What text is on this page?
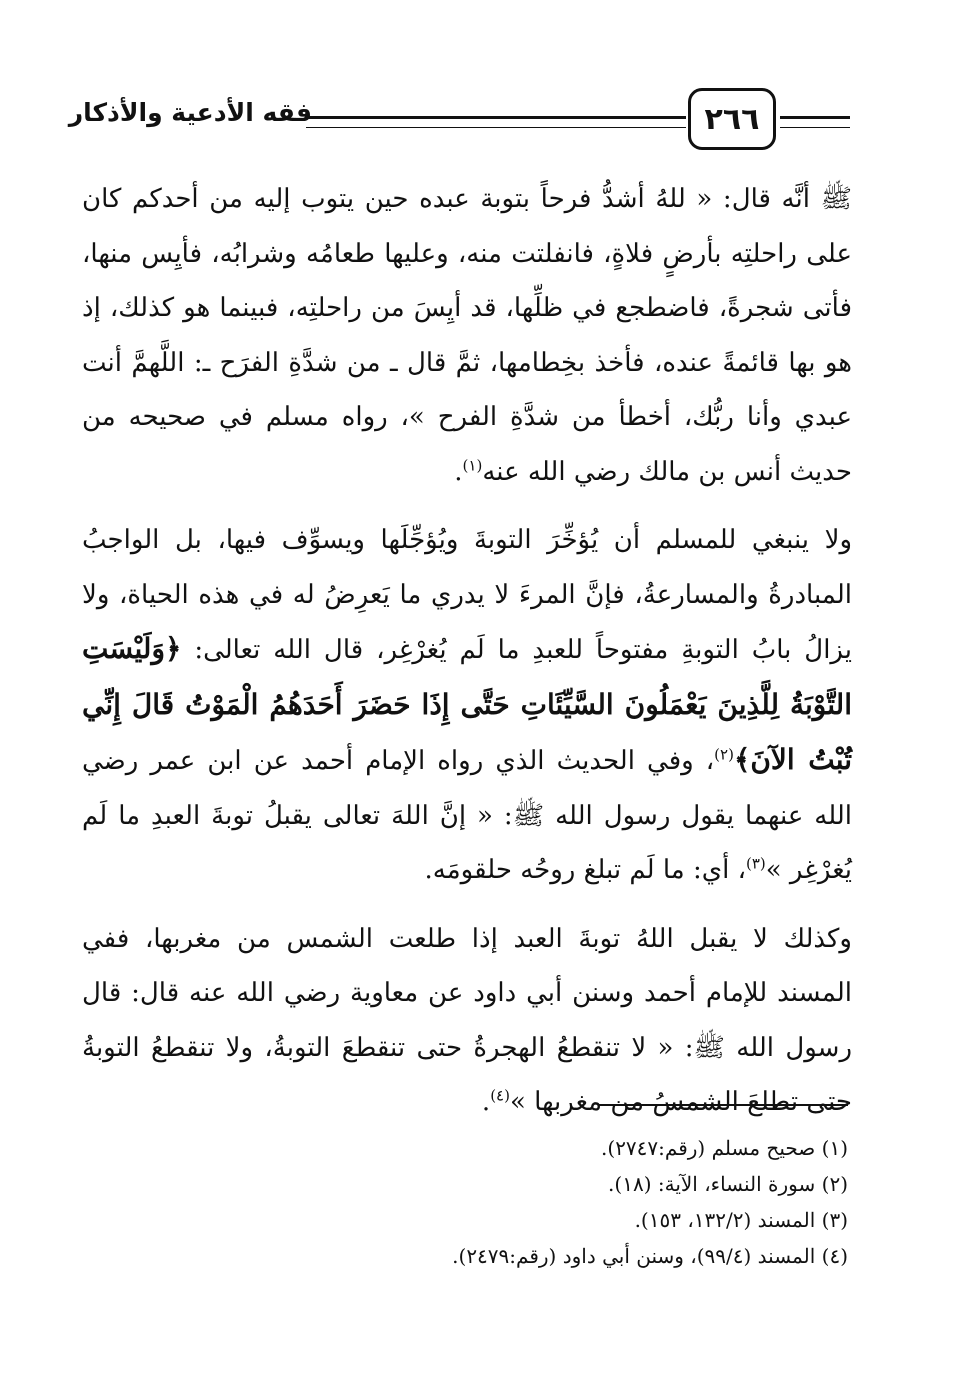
فقه الأدعية والأذكار	٢٦٦

ﷺ أنَّه قال: « للهُ أشدُّ فرحاً بتوبة عبده حين يتوب إليه من أحدكم كان على راحلتِه بأرضٍ فلاةٍ، فانفلتت منه، وعليها طعامُه وشرابُه، فأيِس منها، فأتى شجرةً، فاضطجع في ظلِّها، قد أيِسَ من راحلتِه، فبينما هو كذلك، إذ هو بها قائمةً عنده، فأخذ بخِطامها، ثمَّ قال ـ من شدَّةِ الفرَح ـ: اللَّهمَّ أنت عبدي وأنا ربُّك، أخطأ من شدَّةِ الفرح »، رواه مسلم في صحيحه من حديث أنس بن مالك رضي الله عنه$^{(١)}$.

ولا ينبغي للمسلم أن يُؤخِّرَ التوبةَ ويُؤجِّلَها ويسوِّف فيها، بل الواجبُ المبادرةُ والمسارعةُ، فإنَّ المرءَ لا يدري ما يَعرِضُ له في هذه الحياة، ولا يزالُ بابُ التوبةِ مفتوحاً للعبدِ ما لَم يُغرْغِر، قال الله تعالى: ﴿وَلَيْسَتِ التَّوْبَةُ لِلَّذِينَ يَعْمَلُونَ السَّيِّئَاتِ حَتَّى إِذَا حَضَرَ أَحَدَهُمُ الْمَوْتُ قَالَ إِنِّي تُبْتُ الآنَ﴾$^{(٢)}$، وفي الحديث الذي رواه الإمام أحمد عن ابن عمر رضي الله عنهما يقول رسول الله ﷺ: « إنَّ اللهَ تعالى يقبلُ توبةَ العبدِ ما لَم يُغرْغِر »$^{(٣)}$، أي: ما لَم تبلغ روحُه حلقومَه.

وكذلك لا يقبل اللهُ توبةَ العبد إذا طلعت الشمس من مغربها، ففي المسند للإمام أحمد وسنن أبي داود عن معاوية رضي الله عنه قال: قال رسول الله ﷺ: « لا تنقطعُ الهجرةُ حتى تنقطعَ التوبةُ، ولا تنقطعُ التوبةُ حتى تطلعَ الشمسُ من مغربها »$^{(٤)}$.

(١) صحيح مسلم (رقم:٢٧٤٧).
(٢) سورة النساء، الآية: (١٨).
(٣) المسند (١٣٢/٢، ١٥٣).
(٤) المسند (٩٩/٤)، وسنن أبي داود (رقم:٢٤٧٩).
